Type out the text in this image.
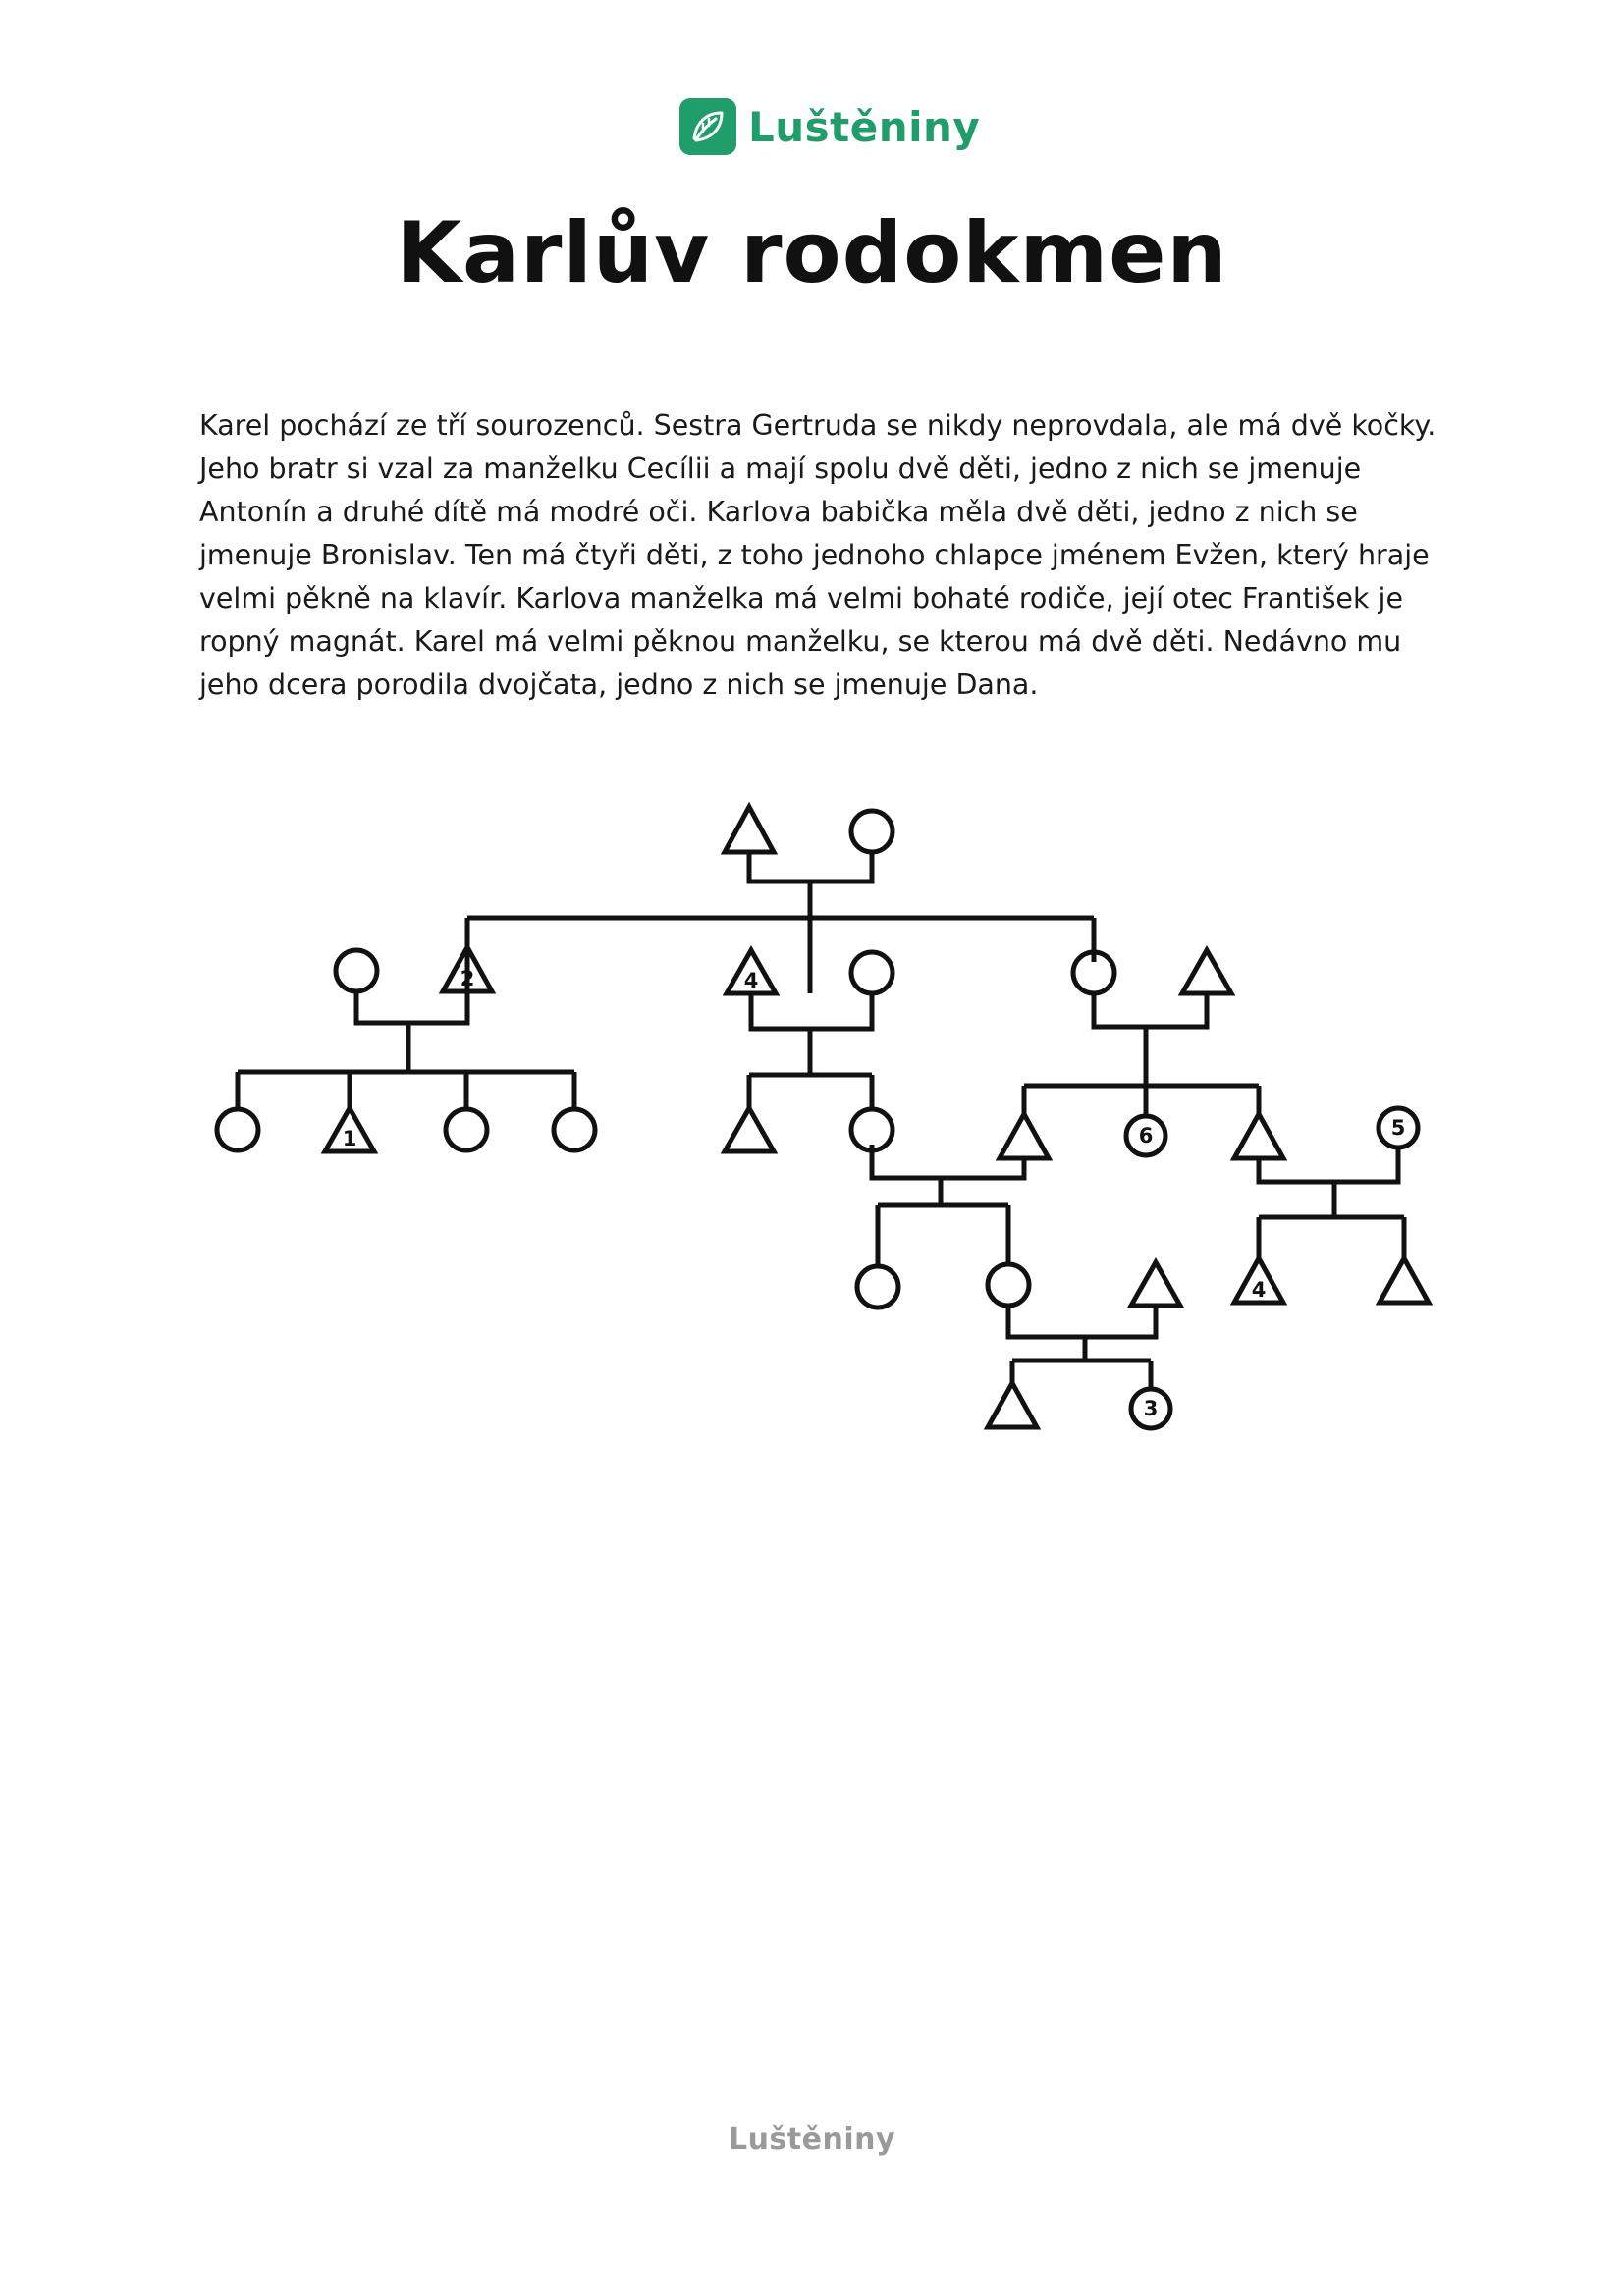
Luštěniny
Karlův rodokmen

Karel pochází ze tří sourozenců. Sestra Gertruda se nikdy neprovdala, ale má dvě kočky. Jeho bratr si vzal za manželku Cecílii a mají spolu dvě děti, jedno z nich se jmenuje Antonín a druhé dítě má modré oči. Karlova babička měla dvě děti, jedno z nich se jmenuje Bronislav. Ten má čtyři děti, z toho jednoho chlapce jménem Evžen, který hraje velmi pěkně na klavír. Karlova manželka má velmi bohaté rodiče, její otec František je ropný magnát. Karel má velmi pěknou manželku, se kterou má dvě děti. Nedávno mu jeho dcera porodila dvojčata, jedno z nich se jmenuje Dana.

2
1
4
6	5
4
3
Luštěniny
